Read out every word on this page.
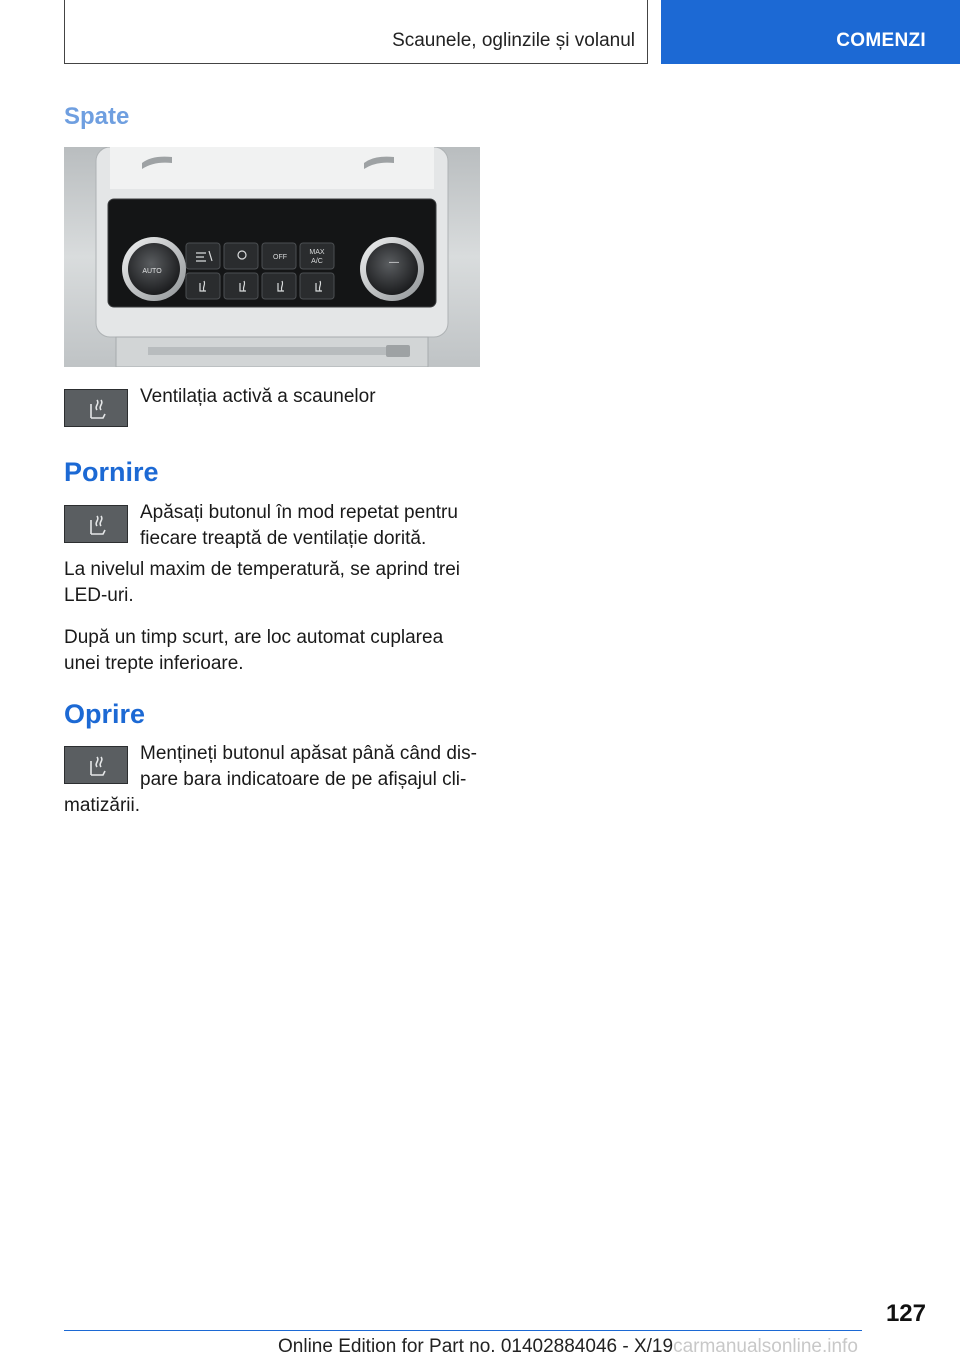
Scaunele, oglinzile și volanul	COMENZI
Spate
OFF
MAX
A/C
AUTO
—

Ventilația activă a scaunelor

Pornire

Apăsați butonul în mod repetat pentru fiecare treaptă de ventilație dorită.

La nivelul maxim de temperatură, se aprind trei LED-uri.

După un timp scurt, are loc automat cuplarea unei trepte inferioare.

Oprire

Mențineți butonul apăsat până când dis-

pare bara indicatoare de pe afișajul cli-

matizării.

127
Online Edition for Part no. 01402884046 - X/19carmanualsonline.info
